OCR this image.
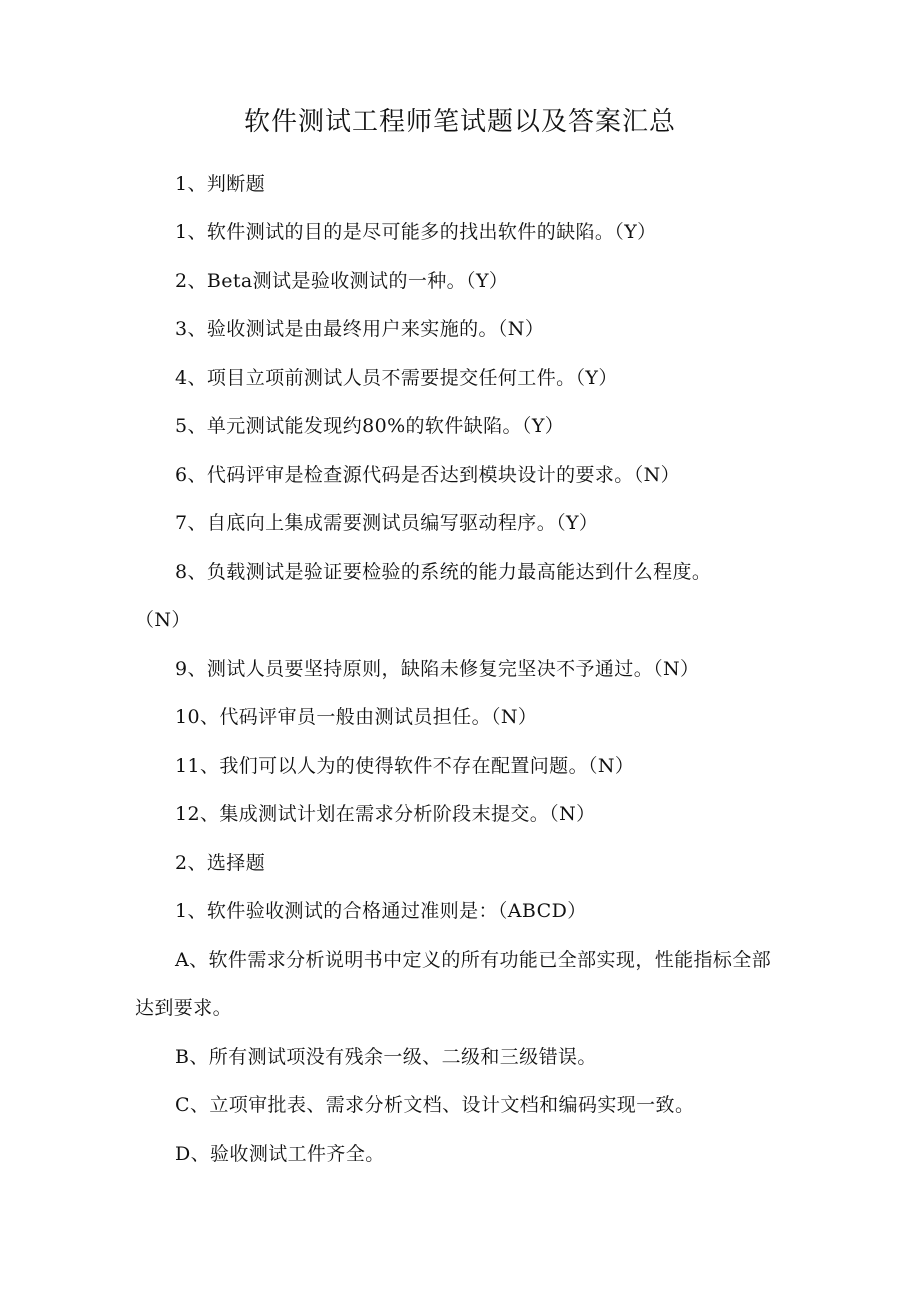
软件测试工程师笔试题以及答案汇总
1、判断题
1、软件测试的目的是尽可能多的找出软件的缺陷。（Y）
2、Beta测试是验收测试的一种。（Y）
3、验收测试是由最终用户来实施的。（N）
4、项目立项前测试人员不需要提交任何工件。（Y）
5、单元测试能发现约80%的软件缺陷。（Y）
6、代码评审是检查源代码是否达到模块设计的要求。（N）
7、自底向上集成需要测试员编写驱动程序。（Y）
8、负载测试是验证要检验的系统的能力最高能达到什么程度。
（N）
9、测试人员要坚持原则，缺陷未修复完坚决不予通过。（N）
10、代码评审员一般由测试员担任。（N）
11、我们可以人为的使得软件不存在配置问题。（N）
12、集成测试计划在需求分析阶段末提交。（N）
2、选择题
1、软件验收测试的合格通过准则是：（ABCD）
A、软件需求分析说明书中定义的所有功能已全部实现，性能指标全部
达到要求。
B、所有测试项没有残余一级、二级和三级错误。
C、立项审批表、需求分析文档、设计文档和编码实现一致。
D、验收测试工件齐全。
